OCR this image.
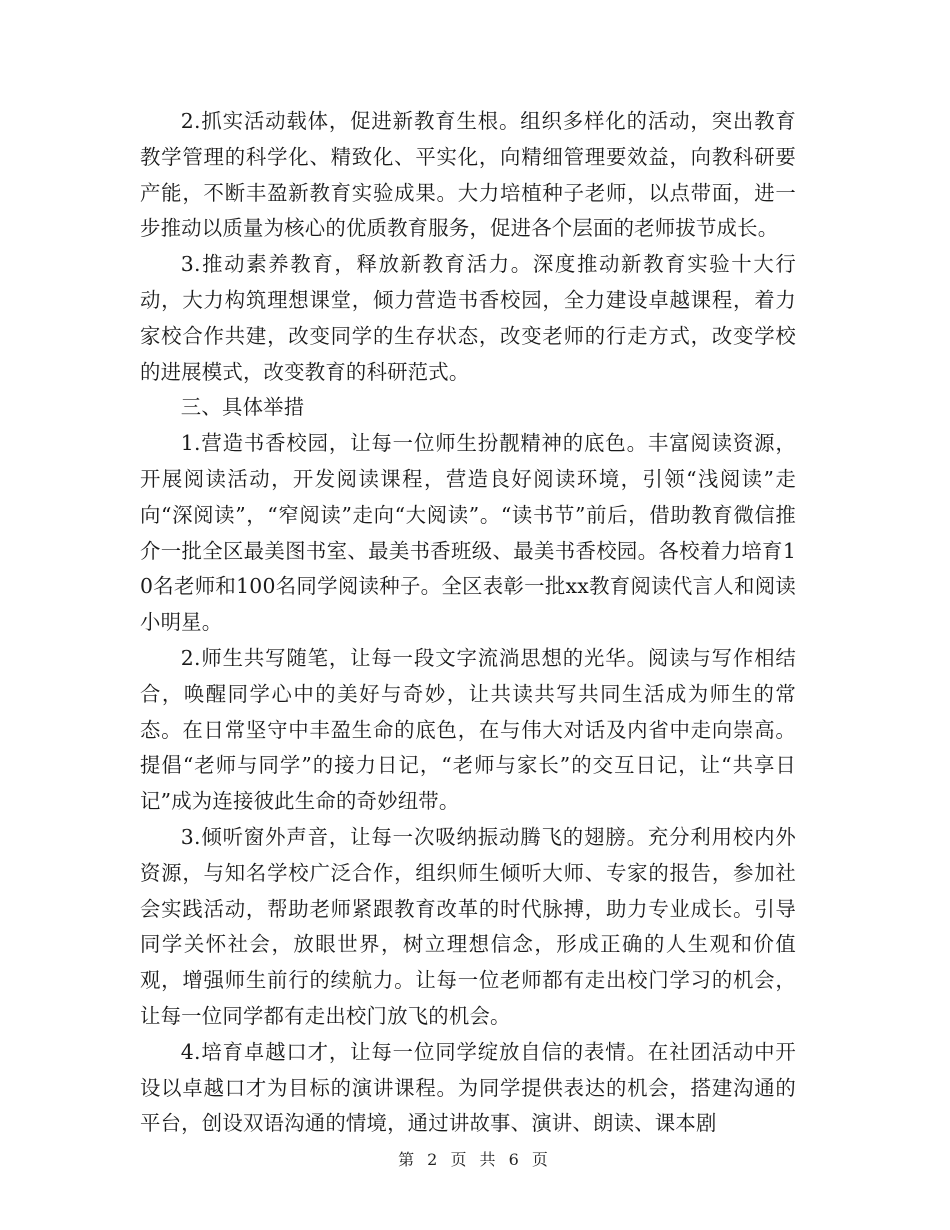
2.抓实活动载体，促进新教育生根。组织多样化的活动，突出教育教学管理的科学化、精致化、平实化，向精细管理要效益，向教科研要产能，不断丰盈新教育实验成果。大力培植种子老师，以点带面，进一步推动以质量为核心的优质教育服务，促进各个层面的老师拔节成长。

3.推动素养教育，释放新教育活力。深度推动新教育实验十大行动，大力构筑理想课堂，倾力营造书香校园，全力建设卓越课程，着力家校合作共建，改变同学的生存状态，改变老师的行走方式，改变学校的进展模式，改变教育的科研范式。

三、具体举措

1.营造书香校园，让每一位师生扮靓精神的底色。丰富阅读资源，开展阅读活动，开发阅读课程，营造良好阅读环境，引领“浅阅读”走向“深阅读”，“窄阅读”走向“大阅读”。“读书节”前后，借助教育微信推介一批全区最美图书室、最美书香班级、最美书香校园。各校着力培育10名老师和100名同学阅读种子。全区表彰一批xx教育阅读代言人和阅读小明星。

2.师生共写随笔，让每一段文字流淌思想的光华。阅读与写作相结合，唤醒同学心中的美好与奇妙，让共读共写共同生活成为师生的常态。在日常坚守中丰盈生命的底色，在与伟大对话及内省中走向崇高。提倡“老师与同学”的接力日记，“老师与家长”的交互日记，让“共享日记”成为连接彼此生命的奇妙纽带。

3.倾听窗外声音，让每一次吸纳振动腾飞的翅膀。充分利用校内外资源，与知名学校广泛合作，组织师生倾听大师、专家的报告，参加社会实践活动，帮助老师紧跟教育改革的时代脉搏，助力专业成长。引导同学关怀社会，放眼世界，树立理想信念，形成正确的人生观和价值观，增强师生前行的续航力。让每一位老师都有走出校门学习的机会，让每一位同学都有走出校门放飞的机会。

4.培育卓越口才，让每一位同学绽放自信的表情。在社团活动中开设以卓越口才为目标的演讲课程。为同学提供表达的机会，搭建沟通的平台，创设双语沟通的情境，通过讲故事、演讲、朗读、课本剧

第 2 页 共 6 页
